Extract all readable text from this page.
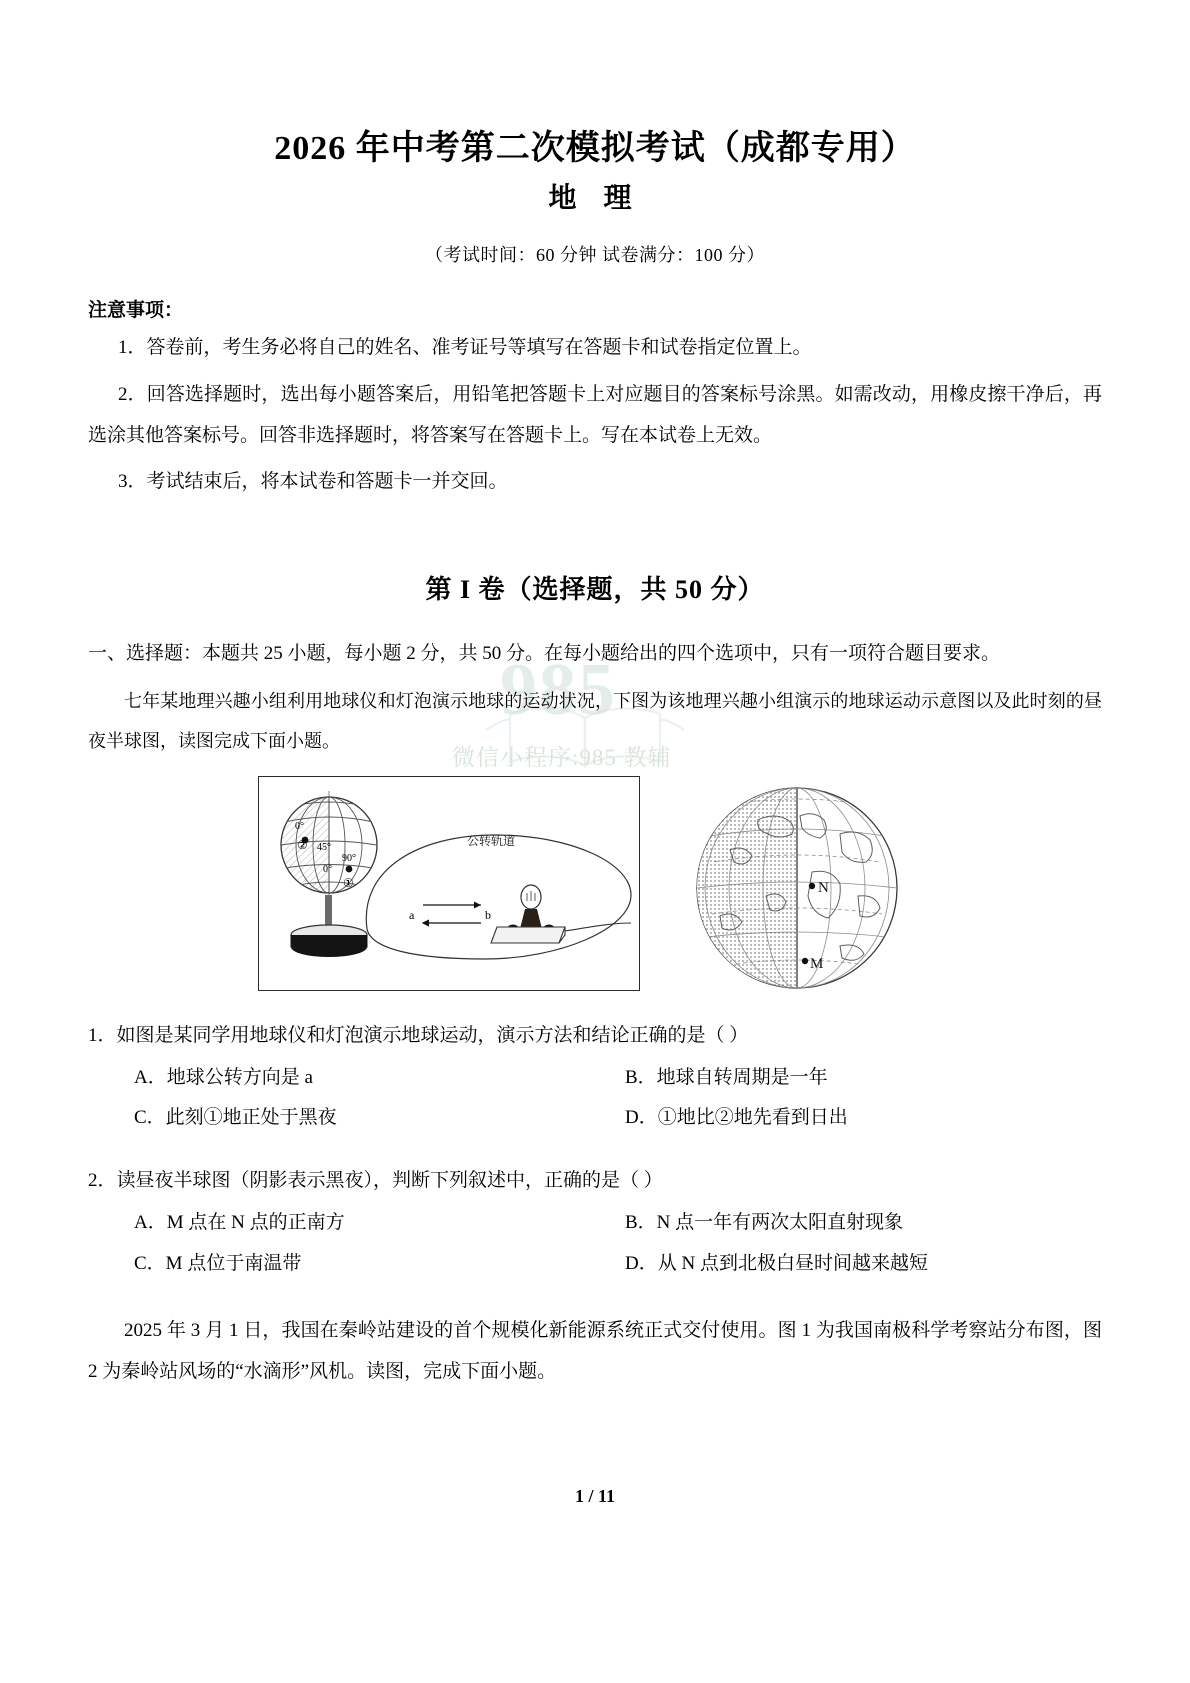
985
微信小程序:985 教辅
2026 年中考第二次模拟考试（成都专用）
地 理
（考试时间：60 分钟 试卷满分：100 分）
注意事项：

1．答卷前，考生务必将自己的姓名、准考证号等填写在答题卡和试卷指定位置上。

2．回答选择题时，选出每小题答案后，用铅笔把答题卡上对应题目的答案标号涂黑。如需改动，用橡皮擦干净后，再选涂其他答案标号。回答非选择题时，将答案写在答题卡上。写在本试卷上无效。

3．考试结束后，将本试卷和答题卡一并交回。

第 I 卷（选择题，共 50 分）

一、选择题：本题共 25 小题，每小题 2 分，共 50 分。在每小题给出的四个选项中，只有一项符合题目要求。

七年某地理兴趣小组利用地球仪和灯泡演示地球的运动状况，下图为该地理兴趣小组演示的地球运动示意图以及此时刻的昼夜半球图，读图完成下面小题。

0°
② 45°
90°
0°
①
公转轨道
a	b
N
M
1．如图是某同学用地球仪和灯泡演示地球运动，演示方法和结论正确的是（ ）
A．地球公转方向是 a	B．地球自转周期是一年
C．此刻①地正处于黑夜	D．①地比②地先看到日出
2．读昼夜半球图（阴影表示黑夜），判断下列叙述中，正确的是（ ）
A．M 点在 N 点的正南方	B．N 点一年有两次太阳直射现象
C．M 点位于南温带	D．从 N 点到北极白昼时间越来越短

2025 年 3 月 1 日，我国在秦岭站建设的首个规模化新能源系统正式交付使用。图 1 为我国南极科学考察站分布图，图 2 为秦岭站风场的“水滴形”风机。读图，完成下面小题。

1 / 11
